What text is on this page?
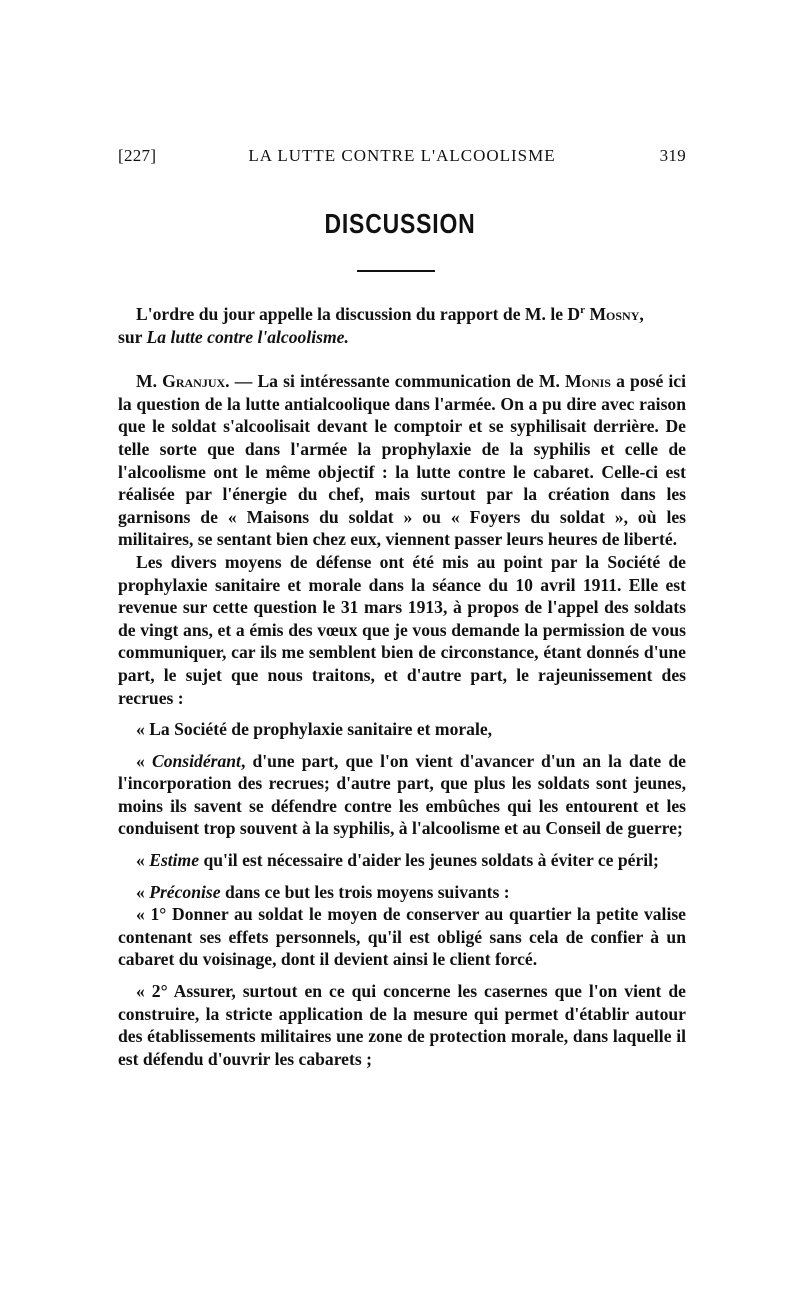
[227]	LA LUTTE CONTRE L'ALCOOLISME	319
DISCUSSION

L'ordre du jour appelle la discussion du rapport de M. le $D^r$ Mosny,
sur La lutte contre l'alcoolisme.

M. Granjux. — La si intéressante communication de M. Monis a posé ici la question de la lutte antialcoolique dans l'armée. On a pu dire avec raison que le soldat s'alcoolisait devant le comptoir et se syphilisait derrière. De telle sorte que dans l'armée la prophylaxie de la syphilis et celle de l'alcoolisme ont le même objectif : la lutte contre le cabaret. Celle-ci est réalisée par l'énergie du chef, mais surtout par la création dans les garnisons de « Maisons du soldat » ou « Foyers du soldat », où les militaires, se sentant bien chez eux, viennent passer leurs heures de liberté.

Les divers moyens de défense ont été mis au point par la Société de prophylaxie sanitaire et morale dans la séance du 10 avril 1911. Elle est revenue sur cette question le 31 mars 1913, à propos de l'appel des soldats de vingt ans, et a émis des vœux que je vous demande la permission de vous communiquer, car ils me semblent bien de circonstance, étant donnés d'une part, le sujet que nous traitons, et d'autre part, le rajeunissement des recrues :

« La Société de prophylaxie sanitaire et morale,

« Considérant, d'une part, que l'on vient d'avancer d'un an la date de l'incorporation des recrues; d'autre part, que plus les soldats sont jeunes, moins ils savent se défendre contre les embûches qui les entourent et les conduisent trop souvent à la syphilis, à l'alcoolisme et au Conseil de guerre;

« Estime qu'il est nécessaire d'aider les jeunes soldats à éviter ce péril;

« Préconise dans ce but les trois moyens suivants :

« 1° Donner au soldat le moyen de conserver au quartier la petite valise contenant ses effets personnels, qu'il est obligé sans cela de confier à un cabaret du voisinage, dont il devient ainsi le client forcé.

« 2° Assurer, surtout en ce qui concerne les casernes que l'on vient de construire, la stricte application de la mesure qui permet d'établir autour des établissements militaires une zone de protection morale, dans laquelle il est défendu d'ouvrir les cabarets ;
